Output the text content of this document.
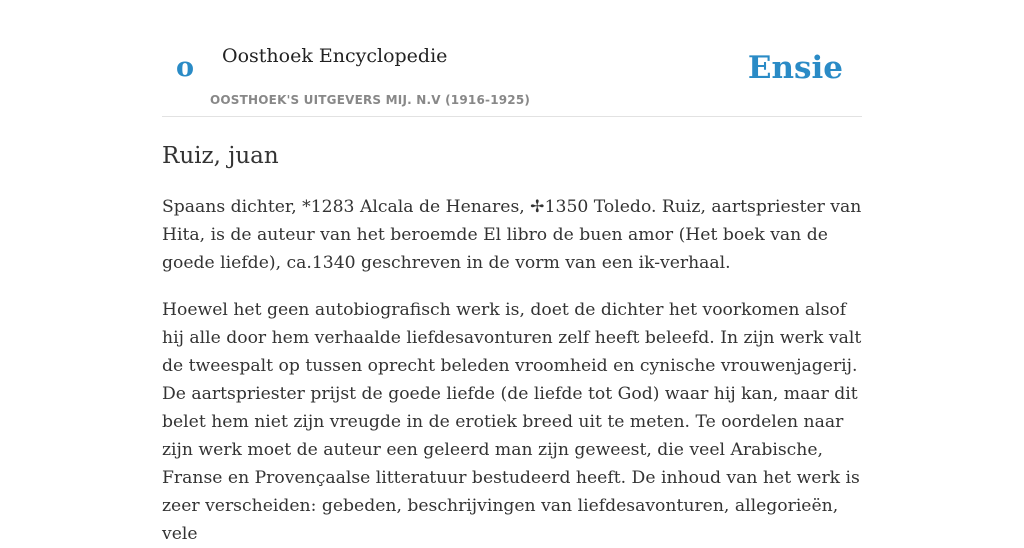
o Oosthoek Encyclopedie
OOSTHOEK'S UITGEVERS MIJ. N.V (1916-1925)
Ensie
Ruiz, juan

Spaans dichter, *1283 Alcala de Henares, ✢1350 Toledo. Ruiz, aartspriester van Hita, is de auteur van het beroemde El libro de buen amor (Het boek van de goede liefde), ca.1340 geschreven in de vorm van een ik-verhaal.

Hoewel het geen autobiografisch werk is, doet de dichter het voorkomen alsof hij alle door hem verhaalde liefdesavonturen zelf heeft beleefd. In zijn werk valt de tweespalt op tussen oprecht beleden vroomheid en cynische vrouwenjagerij. De aartspriester prijst de goede liefde (de liefde tot God) waar hij kan, maar dit belet hem niet zijn vreugde in de erotiek breed uit te meten. Te oordelen naar zijn werk moet de auteur een geleerd man zijn geweest, die veel Arabische, Franse en Provençaalse litteratuur bestudeerd heeft. De inhoud van het werk is zeer verscheiden: gebeden, beschrijvingen van liefdesavonturen, allegorieën, vele
